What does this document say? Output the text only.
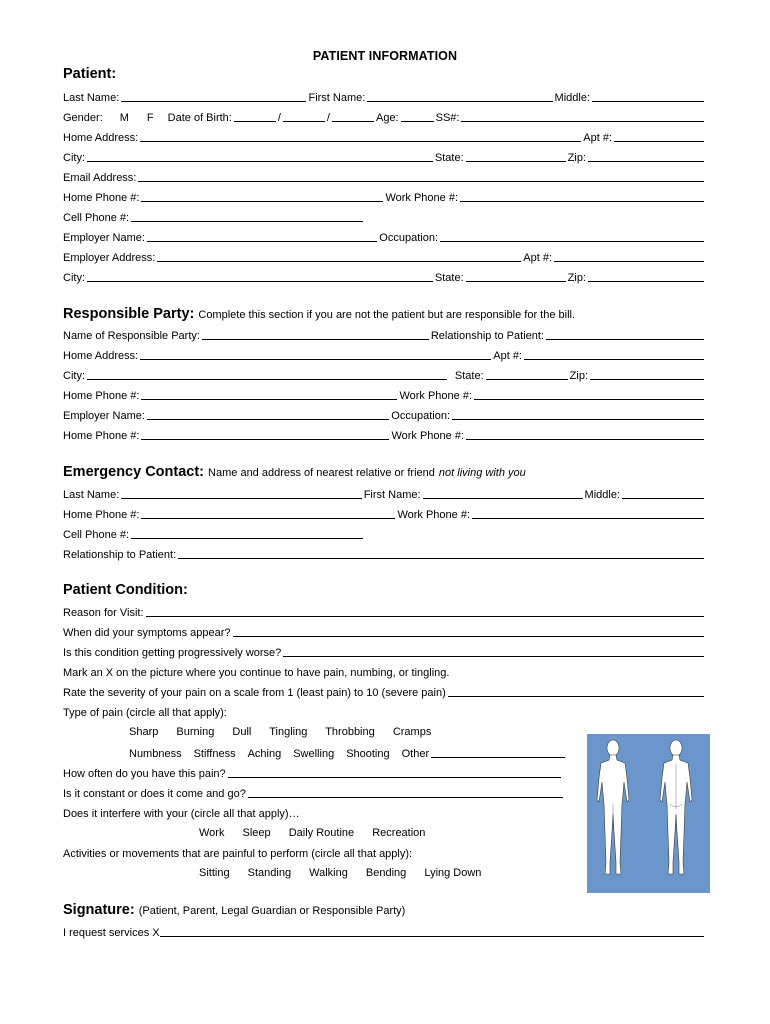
PATIENT INFORMATION
Patient:
Last Name:	First Name:	Middle:
Gender: M F Date of Birth:	/	/	Age:	SS#:
Home Address:	Apt #:
City:	State:	Zip:
Email Address:
Home Phone #:	Work Phone #:
Cell Phone #:
Employer Name:	Occupation:
Employer Address:	Apt #:
City:	State:	Zip:
Responsible Party: Complete this section if you are not the patient but are responsible for the bill.
Name of Responsible Party:	Relationship to Patient:
Home Address:	Apt #:
City:	State:	Zip:
Home Phone #:	Work Phone #:
Employer Name:	Occupation:
Home Phone #:	Work Phone #:
Emergency Contact: Name and address of nearest relative or friend not living with you
Last Name:	First Name:	Middle:
Home Phone #:	Work Phone #:
Cell Phone #:
Relationship to Patient:
Patient Condition:
Reason for Visit:
When did your symptoms appear?
Is this condition getting progressively worse?
Mark an X on the picture where you continue to have pain, numbing, or tingling.
Rate the severity of your pain on a scale from 1 (least pain) to 10 (severe pain)
Type of pain (circle all that apply):
Sharp Burning Dull Tingling Throbbing Cramps
Numbness Stiffness Aching Swelling Shooting Other
How often do you have this pain?
Is it constant or does it come and go?
Does it interfere with your (circle all that apply)…
Work Sleep Daily Routine Recreation
Activities or movements that are painful to perform (circle all that apply):
Sitting Standing Walking Bending Lying Down
Signature: (Patient, Parent, Legal Guardian or Responsible Party)
I request services X
